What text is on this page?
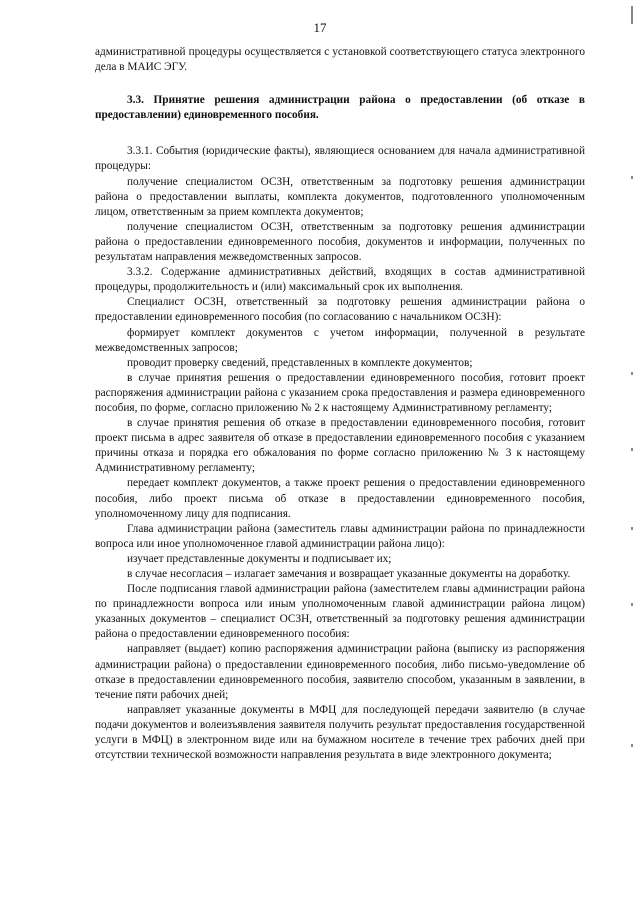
17

административной процедуры осуществляется с установкой соответствующего статуса электронного дела в МАИС ЭГУ.

3.3. Принятие решения администрации района о предоставлении (об отказе в предоставлении) единовременного пособия.

3.3.1. События (юридические факты), являющиеся основанием для начала административной процедуры:

получение специалистом ОСЗН, ответственным за подготовку решения администрации района о предоставлении выплаты, комплекта документов, подготовленного уполномоченным лицом, ответственным за прием комплекта документов;

получение специалистом ОСЗН, ответственным за подготовку решения администрации района о предоставлении единовременного пособия, документов и информации, полученных по результатам направления межведомственных запросов.

3.3.2. Содержание административных действий, входящих в состав административной процедуры, продолжительность и (или) максимальный срок их выполнения.

Специалист ОСЗН, ответственный за подготовку решения администрации района о предоставлении единовременного пособия (по согласованию с начальником ОСЗН):

формирует комплект документов с учетом информации, полученной в результате межведомственных запросов;

проводит проверку сведений, представленных в комплекте документов;

в случае принятия решения о предоставлении единовременного пособия, готовит проект распоряжения администрации района с указанием срока предоставления и размера единовременного пособия, по форме, согласно приложению № 2 к настоящему Административному регламенту;

в случае принятия решения об отказе в предоставлении единовременного пособия, готовит проект письма в адрес заявителя об отказе в предоставлении единовременного пособия с указанием причины отказа и порядка его обжалования по форме согласно приложению № 3 к настоящему Административному регламенту;

передает комплект документов, а также проект решения о предоставлении единовременного пособия, либо проект письма об отказе в предоставлении единовременного пособия, уполномоченному лицу для подписания.

Глава администрации района (заместитель главы администрации района по принадлежности вопроса или иное уполномоченное главой администрации района лицо):

изучает представленные документы и подписывает их;

в случае несогласия – излагает замечания и возвращает указанные документы на доработку.

После подписания главой администрации района (заместителем главы администрации района по принадлежности вопроса или иным уполномоченным главой администрации района лицом) указанных документов – специалист ОСЗН, ответственный за подготовку решения администрации района о предоставлении единовременного пособия:

направляет (выдает) копию распоряжения администрации района (выписку из распоряжения администрации района) о предоставлении единовременного пособия, либо письмо-уведомление об отказе в предоставлении единовременного пособия, заявителю способом, указанным в заявлении, в течение пяти рабочих дней;

направляет указанные документы в МФЦ для последующей передачи заявителю (в случае подачи документов и волеизъявления заявителя получить результат предоставления государственной услуги в МФЦ) в электронном виде или на бумажном носителе в течение трех рабочих дней при отсутствии технической возможности направления результата в виде электронного документа;
